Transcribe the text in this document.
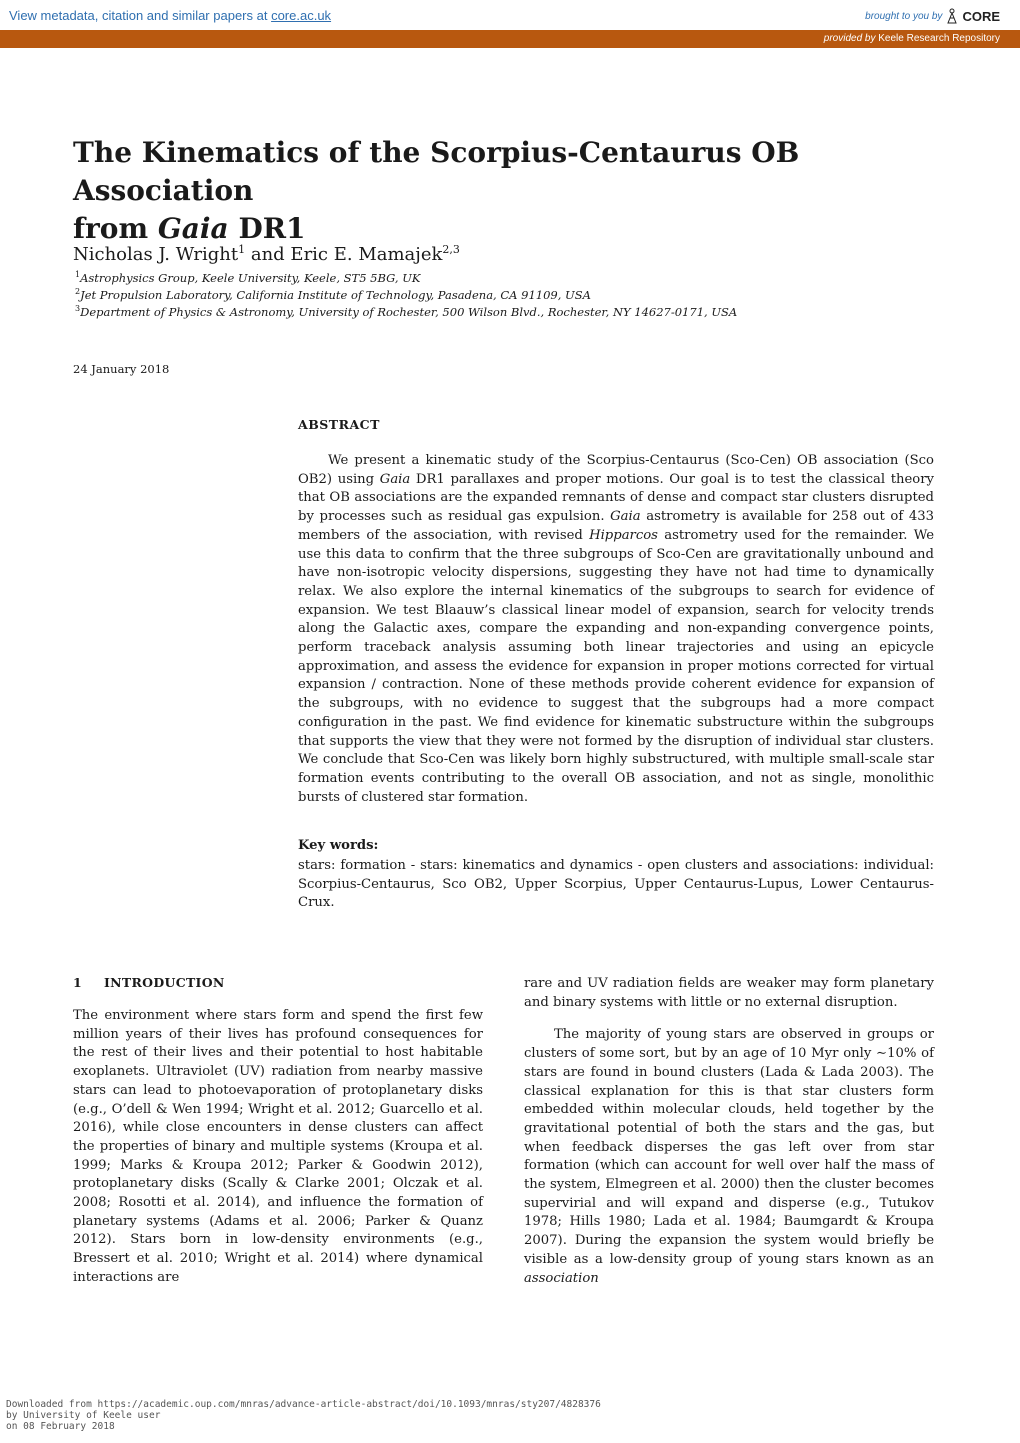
View metadata, citation and similar papers at core.ac.uk	brought to you by CORE
provided by Keele Research Repository
The Kinematics of the Scorpius-Centaurus OB Association
from Gaia DR1
Nicholas J. Wright$^1$ and Eric E. Mamajek$^{2,3}$
$^1$Astrophysics Group, Keele University, Keele, ST5 5BG, UK
$^2$Jet Propulsion Laboratory, California Institute of Technology, Pasadena, CA 91109, USA
$^3$Department of Physics & Astronomy, University of Rochester, 500 Wilson Blvd., Rochester, NY 14627-0171, USA
24 January 2018
ABSTRACT

We present a kinematic study of the Scorpius-Centaurus (Sco-Cen) OB association (Sco OB2) using Gaia DR1 parallaxes and proper motions. Our goal is to test the classical theory that OB associations are the expanded remnants of dense and compact star clusters disrupted by processes such as residual gas expulsion. Gaia astrometry is available for 258 out of 433 members of the association, with revised Hipparcos astrometry used for the remainder. We use this data to confirm that the three subgroups of Sco-Cen are gravitationally unbound and have non-isotropic velocity dispersions, suggesting they have not had time to dynamically relax. We also explore the internal kinematics of the subgroups to search for evidence of expansion. We test Blaauw’s classical linear model of expansion, search for velocity trends along the Galactic axes, compare the expanding and non-expanding convergence points, perform traceback analysis assuming both linear trajectories and using an epicycle approximation, and assess the evidence for expansion in proper motions corrected for virtual expansion / contraction. None of these methods provide coherent evidence for expansion of the subgroups, with no evidence to suggest that the subgroups had a more compact configuration in the past. We find evidence for kinematic substructure within the subgroups that supports the view that they were not formed by the disruption of individual star clusters. We conclude that Sco-Cen was likely born highly substructured, with multiple small-scale star formation events contributing to the overall OB association, and not as single, monolithic bursts of clustered star formation.

Key words:

stars: formation - stars: kinematics and dynamics - open clusters and associations: individual: Scorpius-Centaurus, Sco OB2, Upper Scorpius, Upper Centaurus-Lupus, Lower Centaurus-Crux.

1 INTRODUCTION

The environment where stars form and spend the first few million years of their lives has profound consequences for the rest of their lives and their potential to host habitable exoplanets. Ultraviolet (UV) radiation from nearby massive stars can lead to photoevaporation of protoplanetary disks (e.g., O’dell & Wen 1994; Wright et al. 2012; Guarcello et al. 2016), while close encounters in dense clusters can affect the properties of binary and multiple systems (Kroupa et al. 1999; Marks & Kroupa 2012; Parker & Goodwin 2012), protoplanetary disks (Scally & Clarke 2001; Olczak et al. 2008; Rosotti et al. 2014), and influence the formation of planetary systems (Adams et al. 2006; Parker & Quanz 2012). Stars born in low-density environments (e.g., Bressert et al. 2010; Wright et al. 2014) where dynamical interactions are

rare and UV radiation fields are weaker may form planetary and binary systems with little or no external disruption.

The majority of young stars are observed in groups or clusters of some sort, but by an age of 10 Myr only ∼10% of stars are found in bound clusters (Lada & Lada 2003). The classical explanation for this is that star clusters form embedded within molecular clouds, held together by the gravitational potential of both the stars and the gas, but when feedback disperses the gas left over from star formation (which can account for well over half the mass of the system, Elmegreen et al. 2000) then the cluster becomes supervirial and will expand and disperse (e.g., Tutukov 1978; Hills 1980; Lada et al. 1984; Baumgardt & Kroupa 2007). During the expansion the system would briefly be visible as a low-density group of young stars known as an association

Downloaded from https://academic.oup.com/mnras/advance-article-abstract/doi/10.1093/mnras/sty207/4828376
by University of Keele user
on 08 February 2018
